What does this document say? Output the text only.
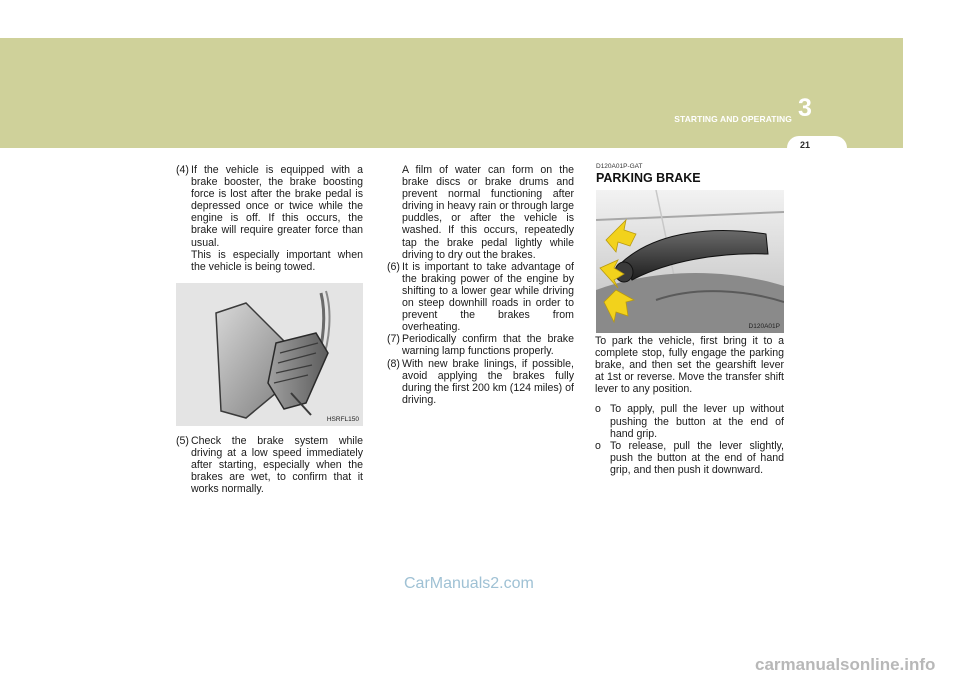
3
STARTING AND OPERATING
21
(4) If the vehicle is equipped with a brake booster, the brake boosting force is lost after the brake pedal is depressed once or twice while the engine is off. If this occurs, the brake will require greater force than usual.
This is especially important when the vehicle is being towed.
HSRFL150
(5) Check the brake system while driving at a low speed immediately after starting, especially when the brakes are wet, to confirm that it works normally.
A film of water can form on the brake discs or brake drums and prevent normal functioning after driving in heavy rain or through large puddles, or after the vehicle is washed. If this occurs, repeatedly tap the brake pedal lightly while driving to dry out the brakes.
(6) It is important to take advantage of the braking power of the engine by shifting to a lower gear while driving on steep downhill roads in order to prevent the brakes from overheating.
(7) Periodically confirm that the brake warning lamp functions properly.
(8) With new brake linings, if possible, avoid applying the brakes fully during the first 200 km (124 miles) of driving.
D120A01P-GAT
PARKING BRAKE
D120A01P
To park the vehicle, first bring it to a complete stop, fully engage the parking brake, and then set the gearshift lever at 1st or reverse. Move the transfer shift lever to any position.
o To apply, pull the lever up without pushing the button at the end of hand grip.
o To release, pull the lever slightly, push the button at the end of hand grip, and then push it downward.
CarManuals2.com
carmanualsonline.info
